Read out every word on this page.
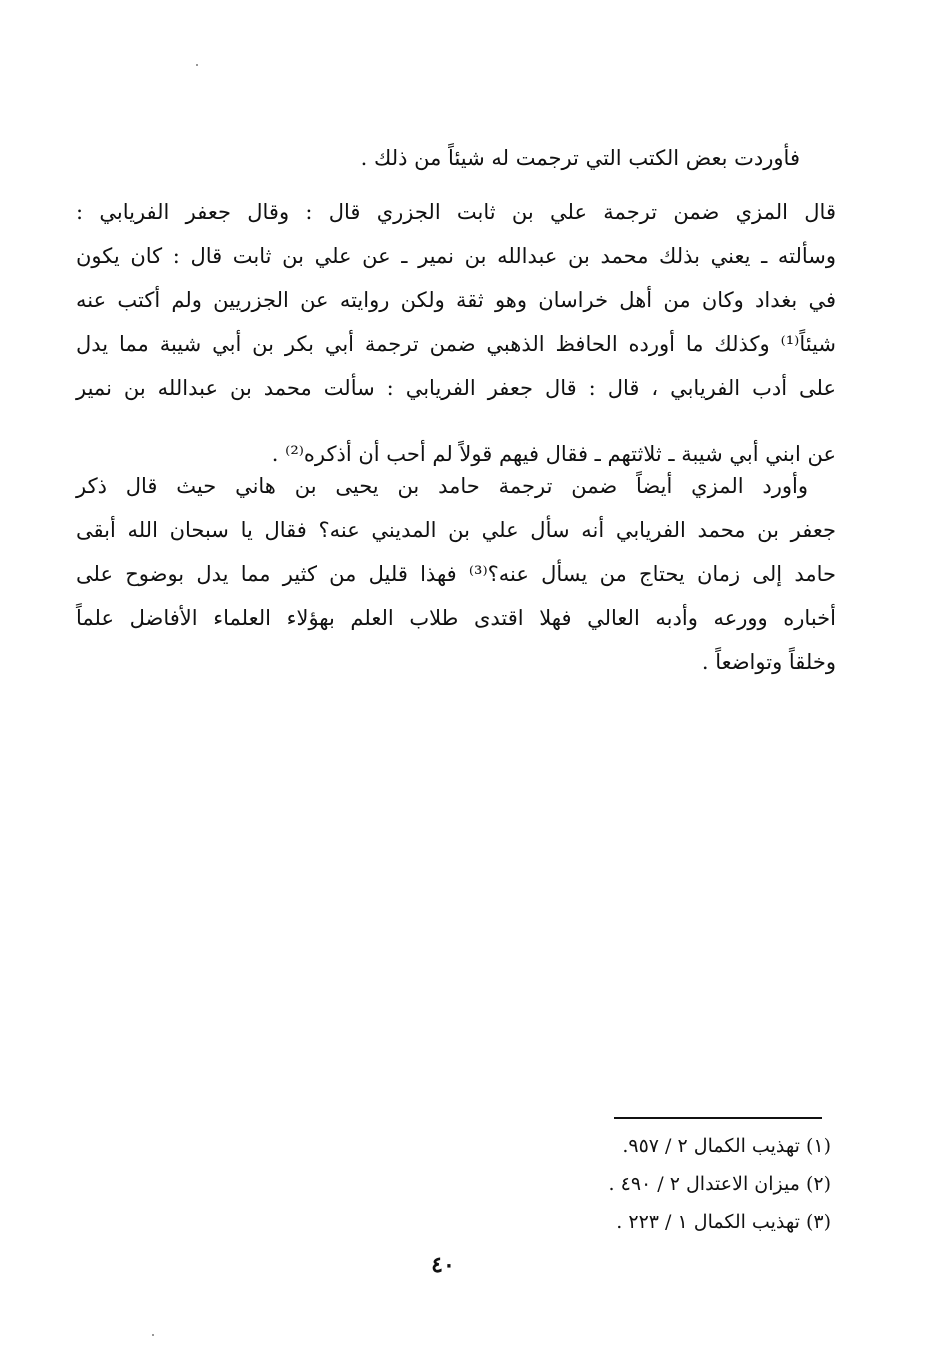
فأوردت بعض الكتب التي ترجمت له شيئاً من ذلك .
قال المزي ضمن ترجمة علي بن ثابت الجزري قال : وقال جعفر الفريابي :
وسألته ـ يعني بذلك محمد بن عبدالله بن نمير ـ عن علي بن ثابت قال : كان يكون
في بغداد وكان من أهل خراسان وهو ثقة ولكن روايته عن الجزريين ولم أكتب عنه
شيئاً⁽¹⁾ وكذلك ما أورده الحافظ الذهبي ضمن ترجمة أبي بكر بن أبي شيبة مما يدل
على أدب الفريابي ، قال : قال جعفر الفريابي : سألت محمد بن عبدالله بن نمير
عن ابني أبي شيبة ـ ثلاثتهم ـ فقال فيهم قولاً لم أحب أن أذكره⁽²⁾ .
وأورد المزي أيضاً ضمن ترجمة حامد بن يحيى بن هاني حيث قال ذكر
جعفر بن محمد الفريابي أنه سأل علي بن المديني عنه؟ فقال يا سبحان الله أبقى
حامد إلى زمان يحتاج من يسأل عنه؟⁽³⁾ فهذا قليل من كثير مما يدل بوضوح على
أخباره وورعه وأدبه العالي فهلا اقتدى طلاب العلم بهؤلاء العلماء الأفاضل علماً
وخلقاً وتواضعاً .
(١) تهذيب الكمال ٢ / ٩٥٧.
(٢) ميزان الاعتدال ٢ / ٤٩٠ .
(٣) تهذيب الكمال ١ / ٢٢٣ .
٤٠
